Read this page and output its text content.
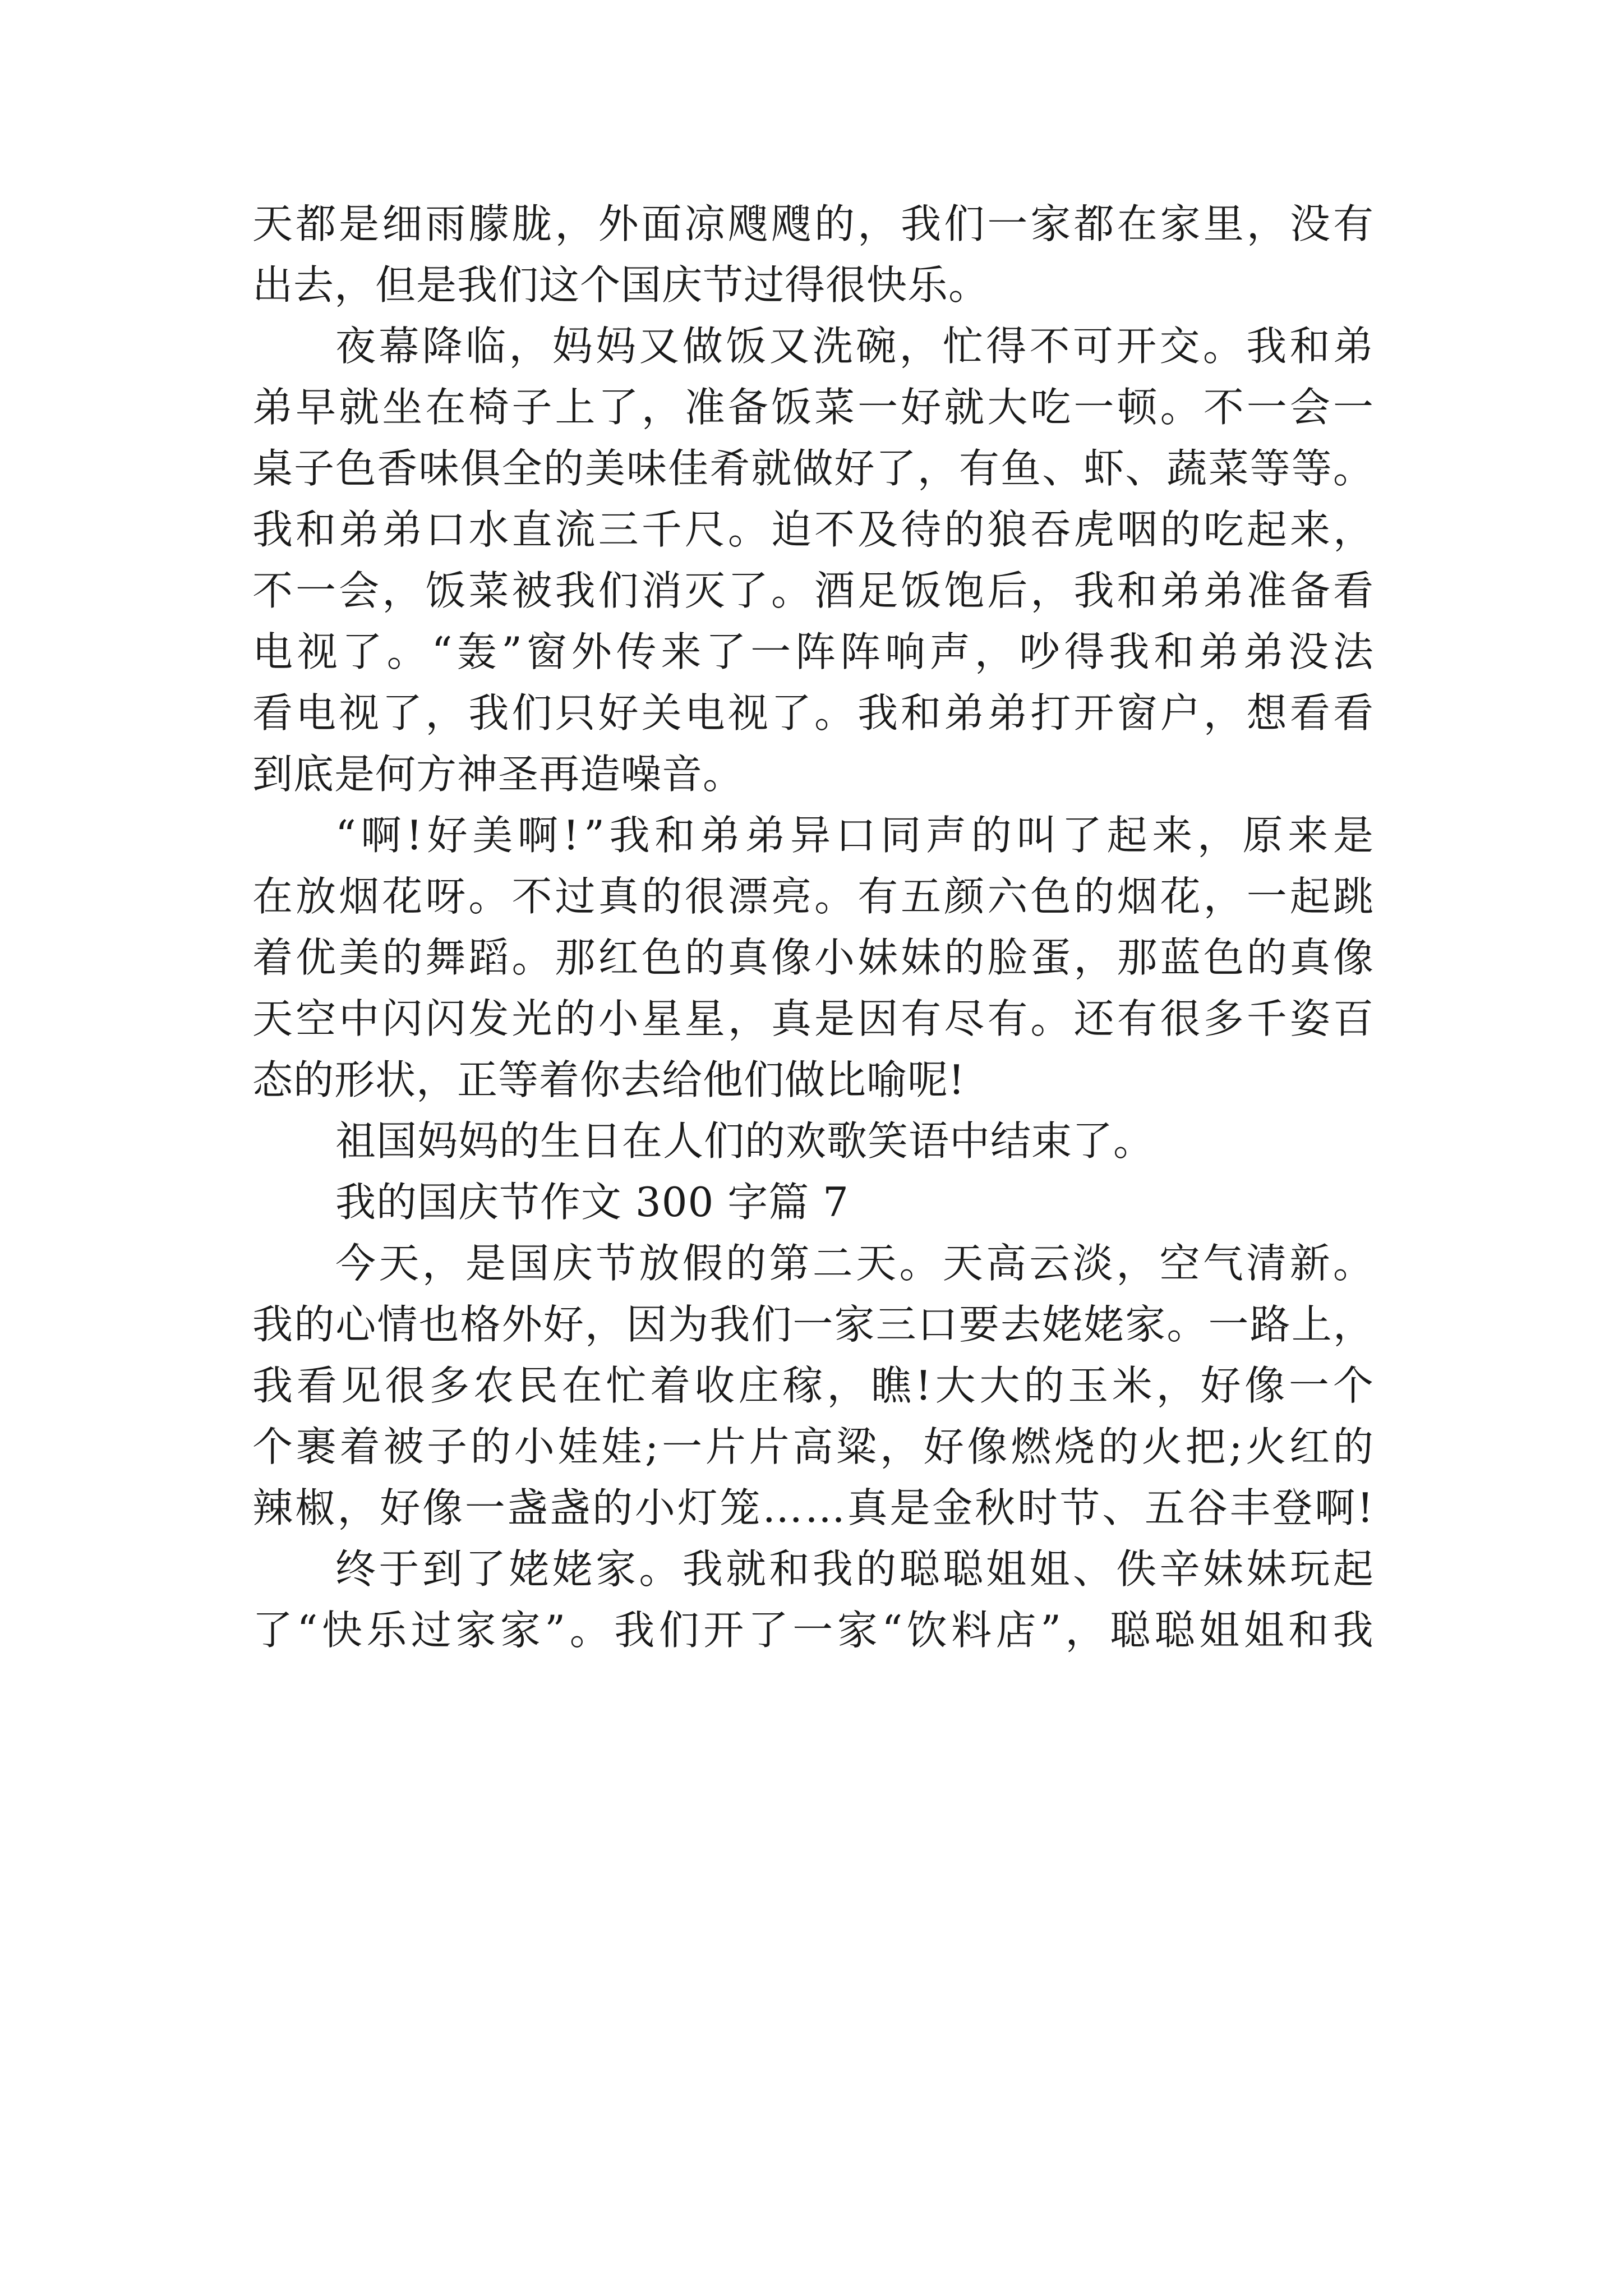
天 都 是 细 雨 朦 胧 ， 外 面 凉 飕 飕 的 ， 我 们 一 家 都 在 家 里 ， 没 有
出去，但是我们这个国庆节过得很快乐。
夜 幕 降 临 ， 妈 妈 又 做 饭 又 洗 碗 ， 忙 得 不 可 开 交 。 我 和 弟
弟 早 就 坐 在 椅 子 上 了 ， 准 备 饭 菜 一 好 就 大 吃 一 顿 。 不 一 会 一
桌 子 色 香 味 俱 全 的 美 味 佳 肴 就 做 好 了 ， 有 鱼 、 虾 、 蔬 菜 等 等 。
我 和 弟 弟 口 水 直 流 三 千 尺 。 迫 不 及 待 的 狼 吞 虎 咽 的 吃 起 来 ，
不 一 会 ， 饭 菜 被 我 们 消 灭 了 。 酒 足 饭 饱 后 ， 我 和 弟 弟 准 备 看
电 视 了 。 “ 轰 ” 窗 外 传 来 了 一 阵 阵 响 声 ， 吵 得 我 和 弟 弟 没 法
看 电 视 了 ， 我 们 只 好 关 电 视 了 。 我 和 弟 弟 打 开 窗 户 ， 想 看 看
到底是何方神圣再造噪音。
“ 啊 ! 好 美 啊 ! ” 我 和 弟 弟 异 口 同 声 的 叫 了 起 来 ， 原 来 是
在 放 烟 花 呀 。 不 过 真 的 很 漂 亮 。 有 五 颜 六 色 的 烟 花 ， 一 起 跳
着 优 美 的 舞 蹈 。 那 红 色 的 真 像 小 妹 妹 的 脸 蛋 ， 那 蓝 色 的 真 像
天 空 中 闪 闪 发 光 的 小 星 星 ， 真 是 因 有 尽 有 。 还 有 很 多 千 姿 百
态的形状，正等着你去给他们做比喻呢!
祖国妈妈的生日在人们的欢歌笑语中结束了。
我的国庆节作文 300 字篇 7
今 天 ， 是 国 庆 节 放 假 的 第 二 天 。 天 高 云 淡 ， 空 气 清 新 。
我 的 心 情 也 格 外 好 ， 因 为 我 们 一 家 三 口 要 去 姥 姥 家 。 一 路 上 ，
我 看 见 很 多 农 民 在 忙 着 收 庄 稼 ， 瞧 ! 大 大 的 玉 米 ， 好 像 一 个
个 裹 着 被 子 的 小 娃 娃 ; 一 片 片 高 粱 ， 好 像 燃 烧 的 火 把 ; 火 红 的
辣 椒 ， 好 像 一 盏 盏 的 小 灯 笼 … … 真 是 金 秋 时 节 、 五 谷 丰 登 啊 !
终 于 到 了 姥 姥 家 。 我 就 和 我 的 聪 聪 姐 姐 、 佚 辛 妹 妹 玩 起
了 “ 快 乐 过 家 家 ” 。 我 们 开 了 一 家 “ 饮 料 店 ” ， 聪 聪 姐 姐 和 我
